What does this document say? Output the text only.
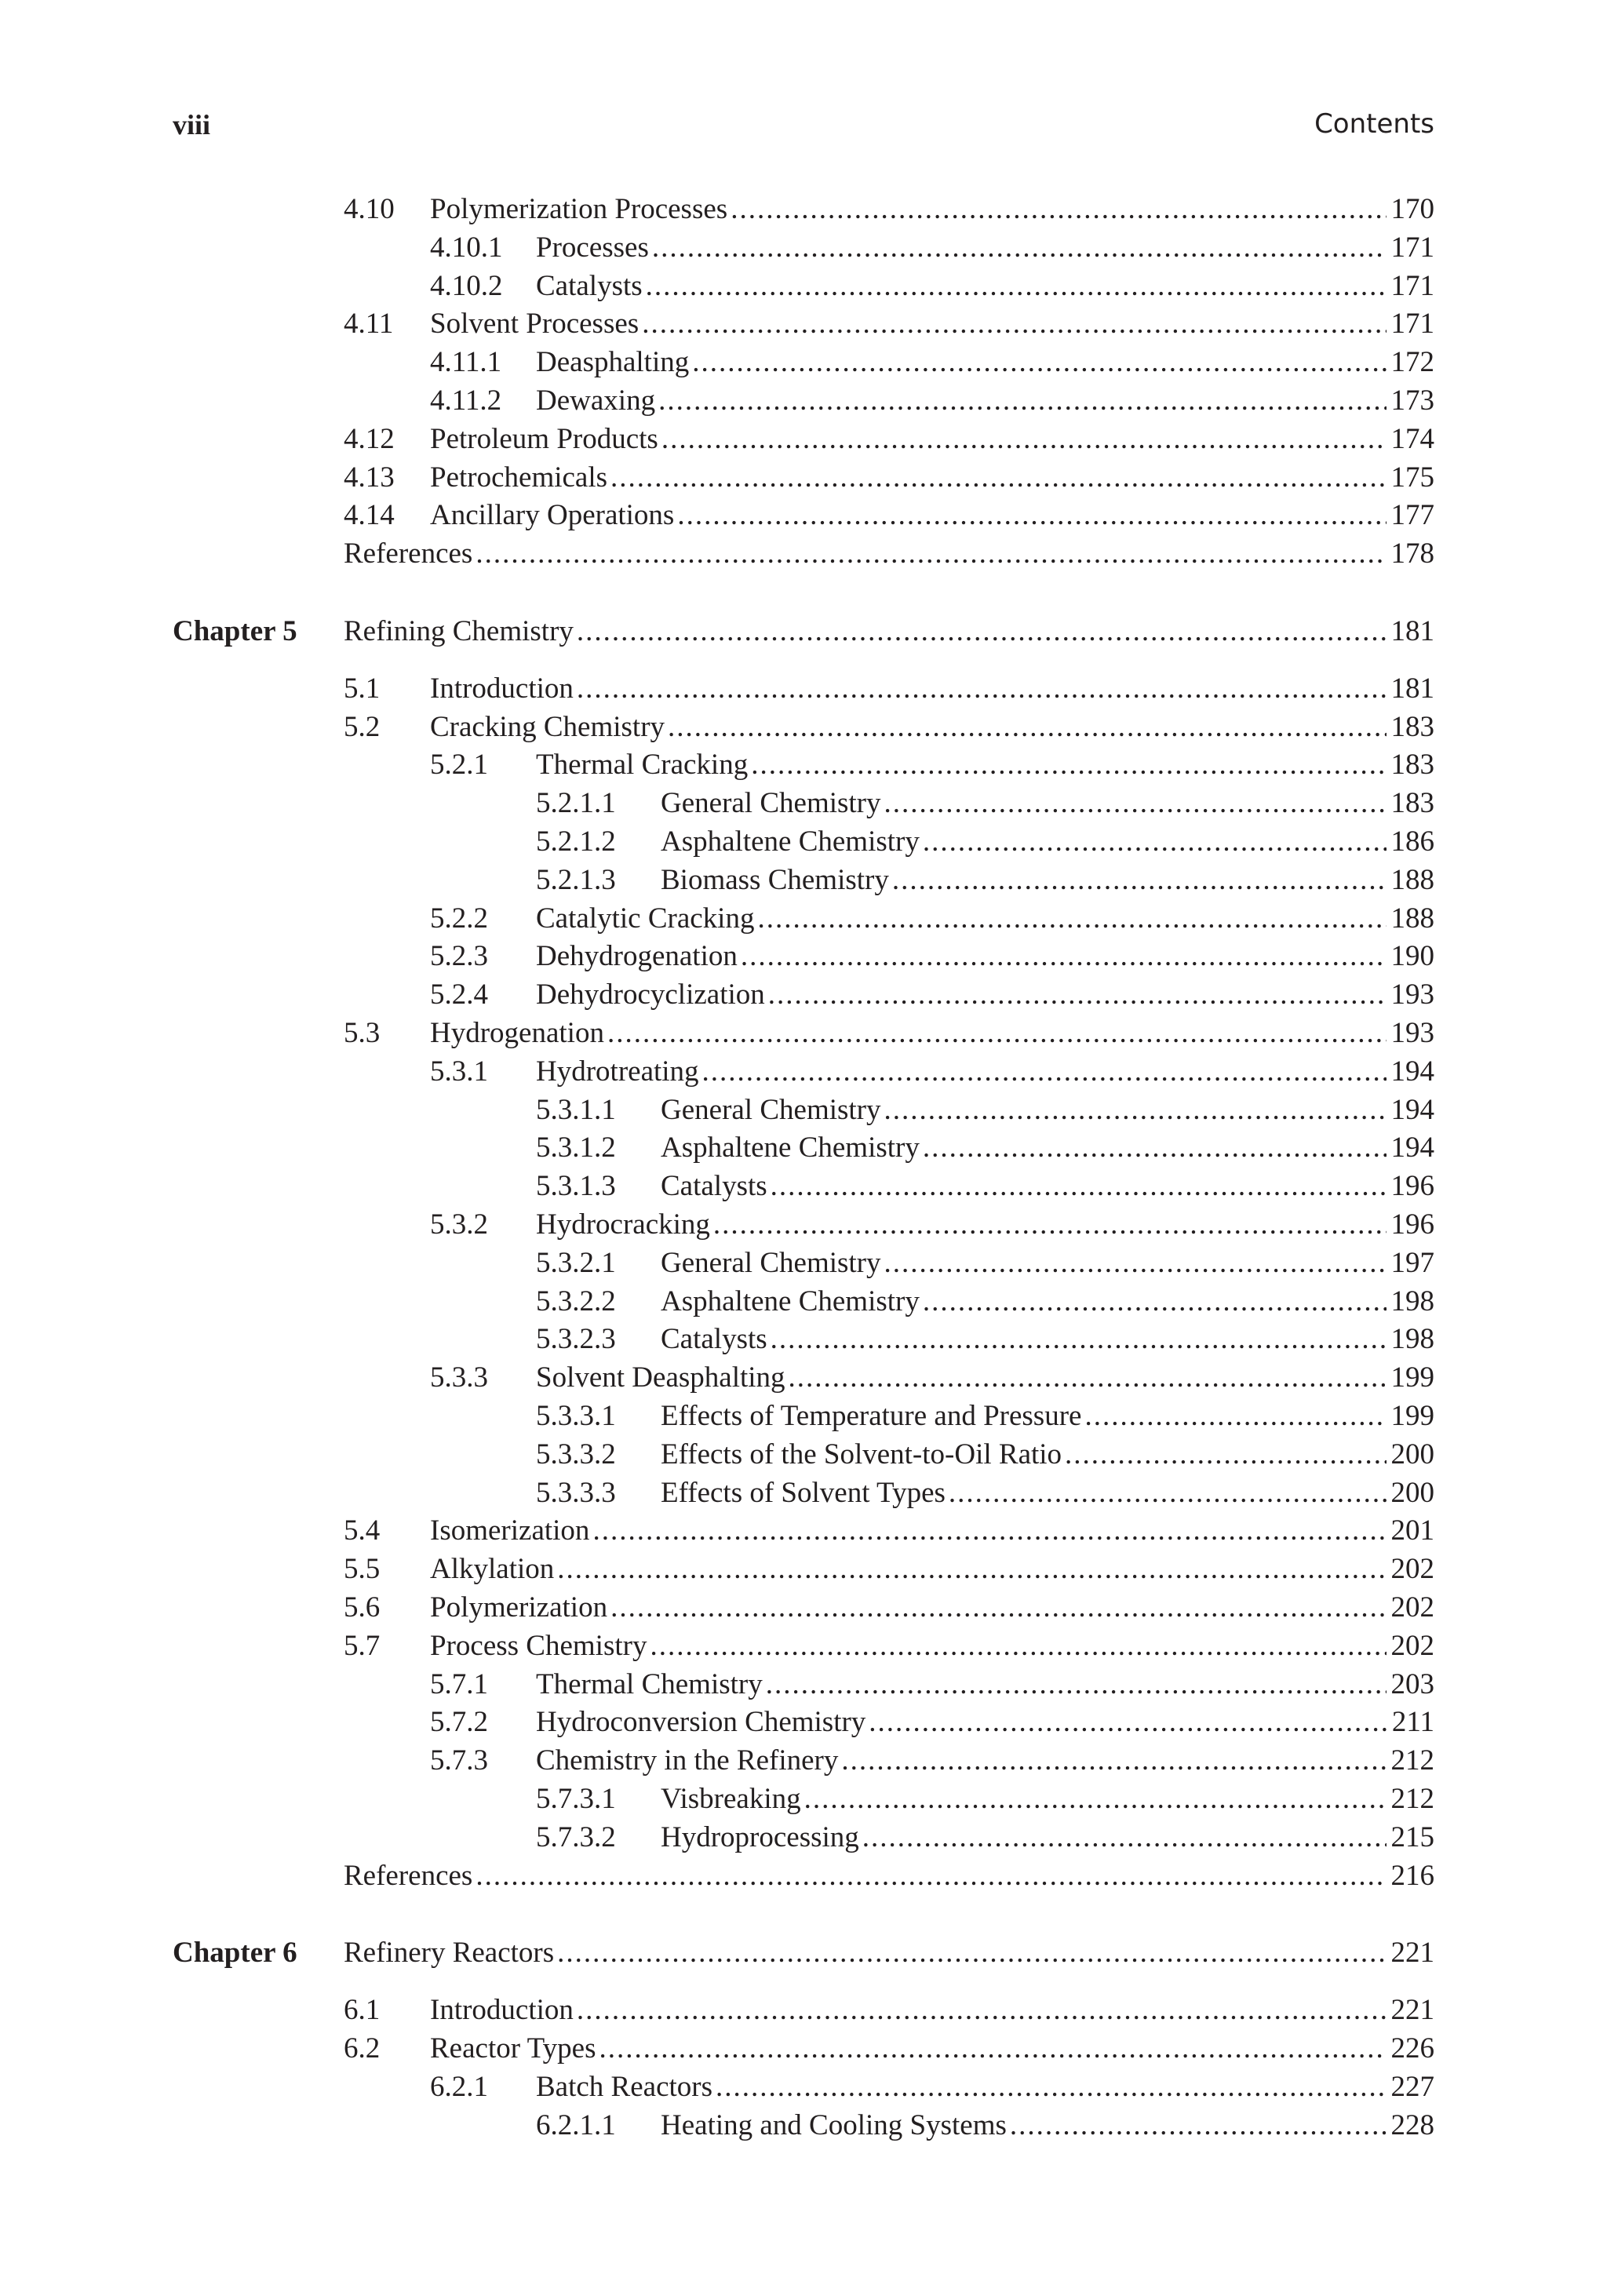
viii	Contents
4.10 Polymerization Processes .....	170
4.10.1 Processes .....	171
4.10.2 Catalysts .....	171
4.11 Solvent Processes .....	171
4.11.1 Deasphalting .....	172
4.11.2 Dewaxing .....	173
4.12 Petroleum Products .....	174
4.13 Petrochemicals .....	175
4.14 Ancillary Operations .....	177
References .....	178
Chapter 5 Refining Chemistry .....	181
5.1 Introduction .....	181
5.2 Cracking Chemistry .....	183
5.2.1 Thermal Cracking .....	183
5.2.1.1 General Chemistry .....	183
5.2.1.2 Asphaltene Chemistry .....	186
5.2.1.3 Biomass Chemistry .....	188
5.2.2 Catalytic Cracking .....	188
5.2.3 Dehydrogenation .....	190
5.2.4 Dehydrocyclization .....	193
5.3 Hydrogenation .....	193
5.3.1 Hydrotreating .....	194
5.3.1.1 General Chemistry .....	194
5.3.1.2 Asphaltene Chemistry .....	194
5.3.1.3 Catalysts .....	196
5.3.2 Hydrocracking .....	196
5.3.2.1 General Chemistry .....	197
5.3.2.2 Asphaltene Chemistry .....	198
5.3.2.3 Catalysts .....	198
5.3.3 Solvent Deasphalting .....	199
5.3.3.1 Effects of Temperature and Pressure .....	199
5.3.3.2 Effects of the Solvent-to-Oil Ratio .....	200
5.3.3.3 Effects of Solvent Types .....	200
5.4 Isomerization .....	201
5.5 Alkylation .....	202
5.6 Polymerization .....	202
5.7 Process Chemistry .....	202
5.7.1 Thermal Chemistry .....	203
5.7.2 Hydroconversion Chemistry .....	211
5.7.3 Chemistry in the Refinery .....	212
5.7.3.1 Visbreaking .....	212
5.7.3.2 Hydroprocessing .....	215
References .....	216
Chapter 6 Refinery Reactors .....	221
6.1 Introduction .....	221
6.2 Reactor Types .....	226
6.2.1 Batch Reactors .....	227
6.2.1.1 Heating and Cooling Systems .....	228
